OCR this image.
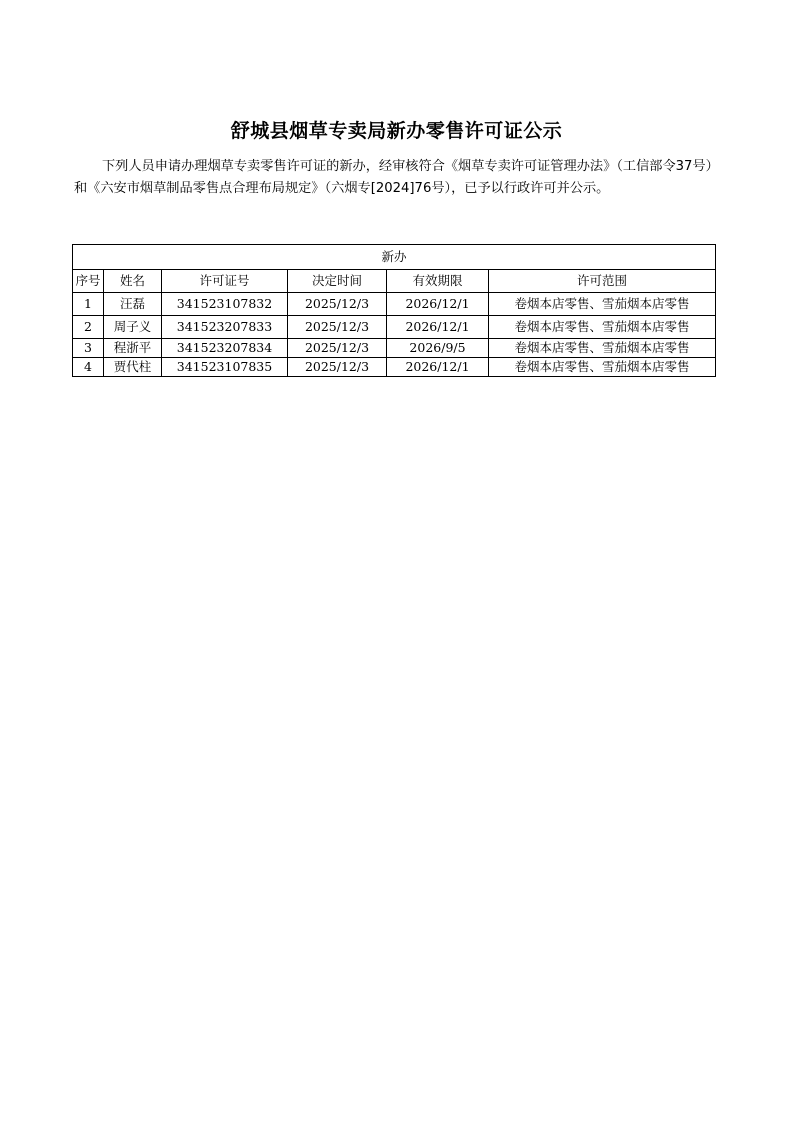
舒城县烟草专卖局新办零售许可证公示
下列人员申请办理烟草专卖零售许可证的新办，经审核符合《烟草专卖许可证管理办法》（工信部令37号）和《六安市烟草制品零售点合理布局规定》（六烟专[2024]76号），已予以行政许可并公示。
新办					
序号	姓名	许可证号	决定时间	有效期限	许可范围
1	汪磊	341523107832	2025/12/3	2026/12/1	卷烟本店零售、雪茄烟本店零售
2	周子义	341523207833	2025/12/3	2026/12/1	卷烟本店零售、雪茄烟本店零售
3	程浙平	341523207834	2025/12/3	2026/9/5	卷烟本店零售、雪茄烟本店零售
4	贾代柱	341523107835	2025/12/3	2026/12/1	卷烟本店零售、雪茄烟本店零售
